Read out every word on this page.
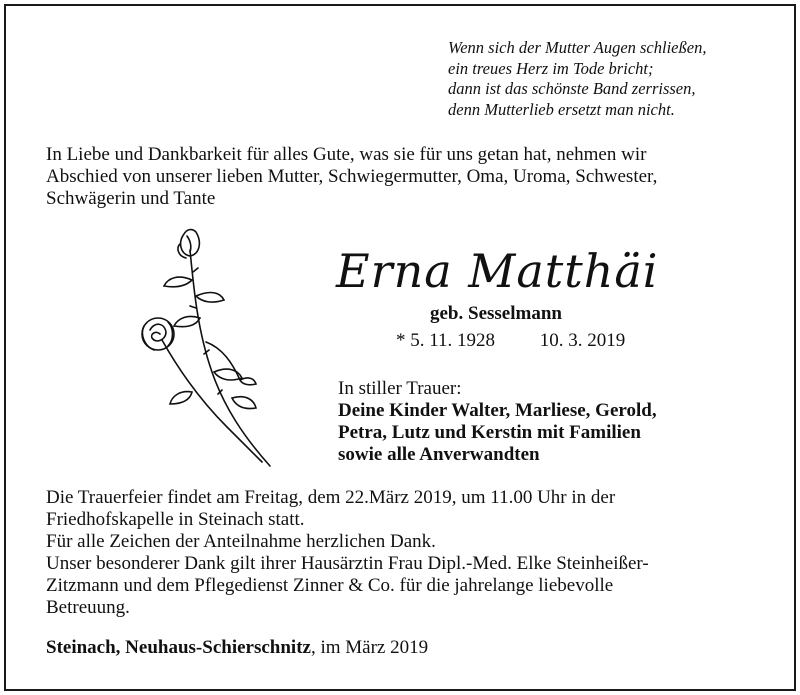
Wenn sich der Mutter Augen schließen,
ein treues Herz im Tode bricht;
dann ist das schönste Band zerrissen,
denn Mutterlieb ersetzt man nicht.
In Liebe und Dankbarkeit für alles Gute, was sie für uns getan hat, nehmen wir
Abschied von unserer lieben Mutter, Schwiegermutter, Oma, Uroma, Schwester,
Schwägerin und Tante
Erna Matthäi
geb. Sesselmann
* 5. 11. 1928 10. 3. 2019
In stiller Trauer:
Deine Kinder Walter, Marliese, Gerold,
Petra, Lutz und Kerstin mit Familien
sowie alle Anverwandten
Die Trauerfeier findet am Freitag, dem 22.März 2019, um 11.00 Uhr in der
Friedhofskapelle in Steinach statt.
Für alle Zeichen der Anteilnahme herzlichen Dank.
Unser besonderer Dank gilt ihrer Hausärztin Frau Dipl.-Med. Elke Steinheißer-
Zitzmann und dem Pflegedienst Zinner & Co. für die jahrelange liebevolle
Betreuung.
Steinach, Neuhaus-Schierschnitz, im März 2019
